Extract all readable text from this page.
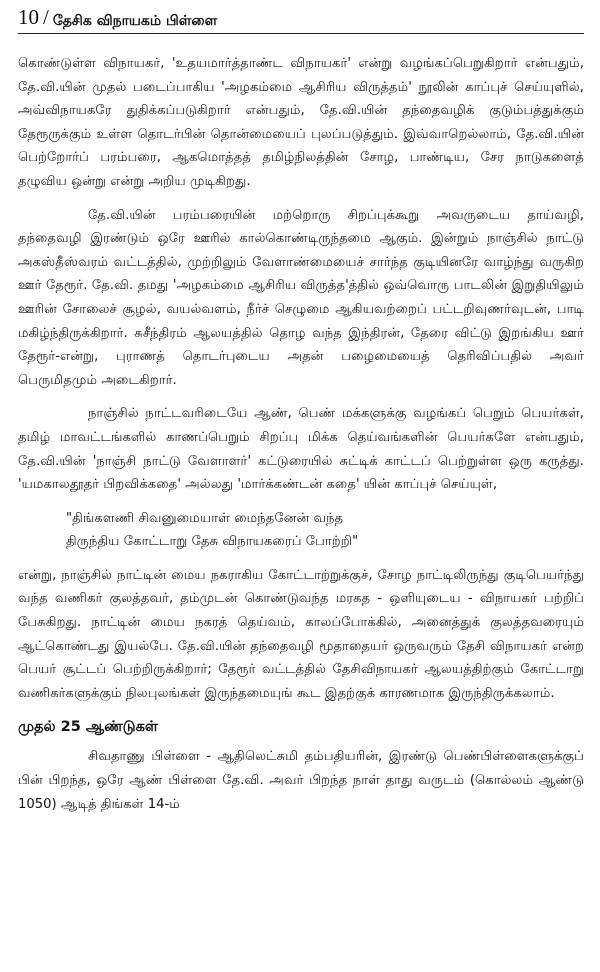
10 / தேசிக விநாயகம் பிள்ளை

கொண்டுள்ள விநாயகர், 'உதயமார்த்தாண்ட விநாயகர்' என்று வழங்கப்பெறுகிறார் என்பதும், தே.வி.யின் முதல் படைப்பாகிய 'அழகம்மை ஆசிரிய விருத்தம்' நூலின் காப்புச் செய்யுளில், அவ்விநாயகரே துதிக்கப்படுகிறார் என்பதும், தே.வி.யின் தந்தைவழிக் குடும்பத்துக்கும் தேரூருக்கும் உள்ள தொடர்பின் தொன்மையைப் புலப்படுத்தும். இவ்வாறெல்லாம், தே.வி.யின் பெற்றோர்ப் பரம்பரை, ஆகமொத்தத் தமிழ்நிலத்தின் சோழ, பாண்டிய, சேர நாடுகளைத் தழுவிய ஒன்று என்று அறிய முடிகிறது.

தே.வி.யின் பரம்பரையின் மற்றொரு சிறப்புக்கூறு அவருடைய தாய்வழி, தந்தைவழி இரண்டும் ஒரே ஊரில் கால்கொண்டிருந்தமை ஆகும். இன்றும் நாஞ்சில் நாட்டு அகஸ்தீஸ்வரம் வட்டத்தில், முற்றிலும் வேளாண்மையைச் சார்ந்த குடியினரே வாழ்ந்து வருகிற ஊர் தேரூர். தே.வி. தமது 'அழகம்மை ஆசிரிய விருத்த'த்தில் ஒவ்வொரு பாடலின் இறுதியிலும் ஊரின் சோலைச் சூழல், வயல்வளம், நீர்ச் செழுமை ஆகியவற்றைப் பட்டறிவுணர்வுடன், பாடி மகிழ்ந்திருக்கிறார். சுசீந்திரம் ஆலயத்தில் தொழ வந்த இந்திரன், தேரை விட்டு இறங்கிய ஊர் தேரூர்-என்று, புராணத் தொடர்புடைய அதன் பழைமையைத் தெரிவிப்பதில் அவர் பெருமிதமும் அடைகிறார்.

நாஞ்சில் நாட்டவரிடையே ஆண், பெண் மக்களுக்கு வழங்கப் பெறும் பெயர்கள், தமிழ் மாவட்டங்களில் காணப்பெறும் சிறப்பு மிக்க தெய்வங்களின் பெயர்களே என்பதும், தே.வி.யின் 'நாஞ்சி நாட்டு வேளாளர்' கட்டுரையில் சுட்டிக் காட்டப் பெற்றுள்ள ஒரு கருத்து. 'யமகாலதூதர் பிறவிக்கதை' அல்லது 'மார்க்கண்டன் கதை' யின் காப்புச் செய்யுள்,

"திங்களணி சிவனுமையாள் மைந்தனேன் வந்த
திருந்திய கோட்டாறு தேசு விநாயகரைப் போற்றி"

என்று, நாஞ்சில் நாட்டின் மைய நகராகிய கோட்டாற்றுக்குச், சோழ நாட்டிலிருந்து குடிபெயர்ந்து வந்த வணிகர் குலத்தவர், தம்முடன் கொண்டுவந்த மரகத - ஒளியுடைய - விநாயகர் பற்றிப் பேசுகிறது. நாட்டின் மைய நகரத் தெய்வம், காலப்போக்கில், அனைத்துக் குலத்தவரையும் ஆட்கொண்டது இயல்பே. தே.வி.யின் தந்தைவழி மூதாதையர் ஒருவரும் தேசி விநாயகர் என்ற பெயர் சூட்டப் பெற்றிருக்கிறார்; தேரூர் வட்டத்தில் தேசிவிநாயகர் ஆலயத்திற்கும் கோட்டாறு வணிகர்களுக்கும் நிலபுலங்கள் இருந்தமையுங் கூட இதற்குக் காரணமாக இருந்திருக்கலாம்.

முதல் 25 ஆண்டுகள்

சிவதாணு பிள்ளை - ஆதிலெட்சுமி தம்பதியரின், இரண்டு பெண்பிள்ளைகளுக்குப் பின் பிறந்த, ஒரே ஆண் பிள்ளை தே.வி. அவர் பிறந்த நாள் தாது வருடம் (கொல்லம் ஆண்டு 1050) ஆடித் திங்கள் 14-ம்
